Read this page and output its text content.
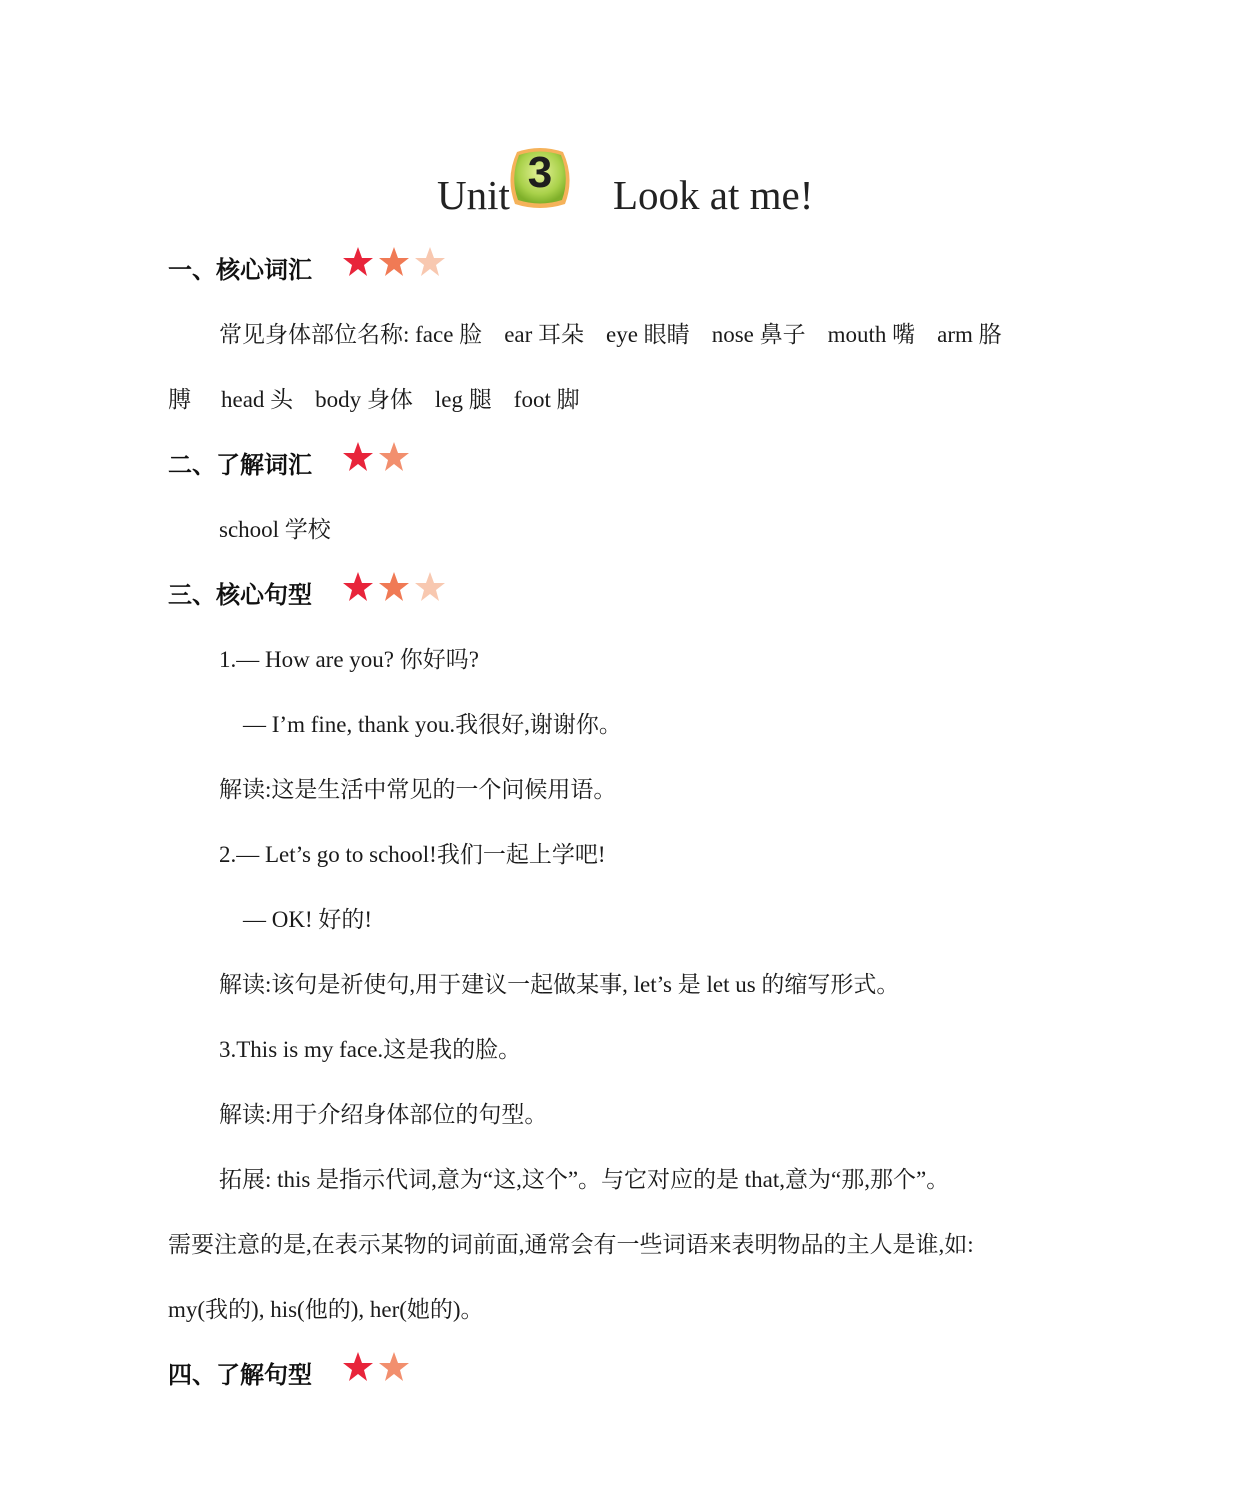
Unit 3	Look at me!
一、核心词汇
常见身体部位名称: face 脸 ear 耳朵 eye 眼睛 nose 鼻子 mouth 嘴 arm 胳
膊 head 头 body 身体 leg 腿 foot 脚
二、了解词汇
school 学校
三、核心句型
1.— How are you? 你好吗?
— I’m fine, thank you.我很好,谢谢你。
解读:这是生活中常见的一个问候用语。
2.— Let’s go to school!我们一起上学吧!
— OK! 好的!
解读:该句是祈使句,用于建议一起做某事, let’s 是 let us 的缩写形式。
3.This is my face.这是我的脸。
解读:用于介绍身体部位的句型。
拓展: this 是指示代词,意为“这,这个”。与它对应的是 that,意为“那,那个”。
需要注意的是,在表示某物的词前面,通常会有一些词语来表明物品的主人是谁,如:
my(我的), his(他的), her(她的)。
四、了解句型
